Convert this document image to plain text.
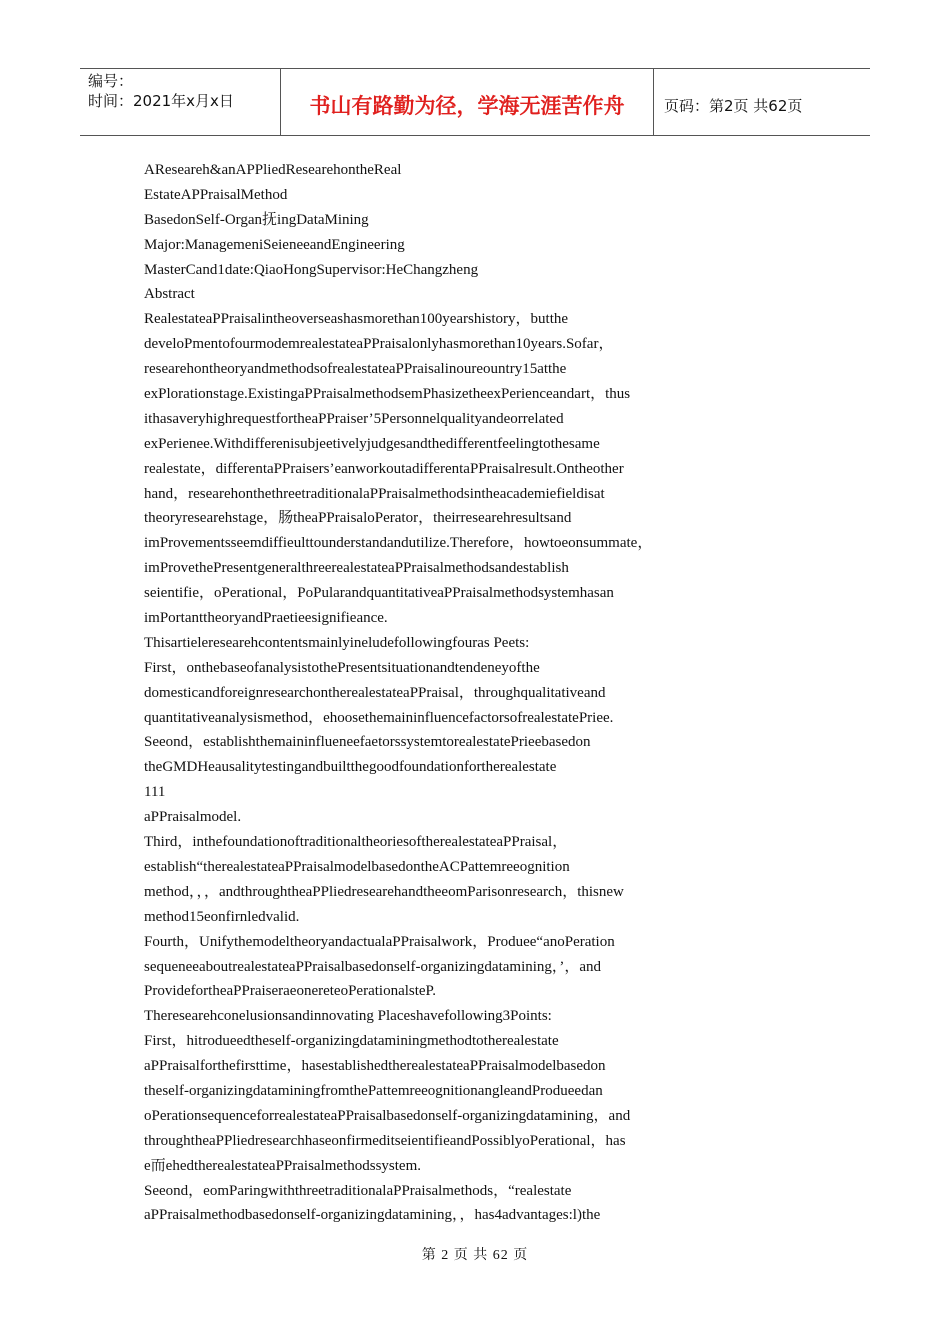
编号：
时间：2021年x月x日	书山有路勤为径，学海无涯苦作舟	页码：第2页 共62页
AReseareh&anAPPliedReseareh​ontheReal
EstateAPPraisalMethod
BasedonSelf-Organ抚ingDataMining
Major:ManagemeniSeieneeandEngineering
MasterCand1date:QiaoHongSupervisor:HeChangzheng
Abstract
RealestateaPPraisalintheoverseashasmorethan100yearshistory，butthe
develoPmentofourmodemrealestateaPPraisalonlyhasmorethan10years.Sofar，
researehontheoryandmethodsofrealestateaPPraisalinoureountry15atthe
exPlorationstage.ExistingaPPraisalmethodsemPhasizetheexPerienceandart，thus
ithasaveryhighrequestfortheaPPraiser’5Personnelqualityandeorrelated
exPerienee.Withdifferenisubjeetivelyjudgesandthedifferentfeelingtothesame
realestate，differentaPPraisers’eanworkoutadifferentaPPraisalresult.Ontheother
hand，researehonthethreetraditionalaPPraisalmethodsintheacademiefieldisat
theoryresearehstage，肠theaPPraisaloPerator，theirresearehresultsand
imProvementsseemdiffieulttounderstandandutilize.Therefore，howtoeonsummate，
imProvethePresentgeneralthreerealestateaPPraisalmethodsandestablish
seientifie，oPerational，PoPularandquantitativeaPPraisalmethodsystemhasan
imPortanttheoryandPraetieesignifieance.
Thisartieleresearehcontentsmainlyineludefollowingfouras Peets:
First，onthebaseofanalysistothePresentsituationandtendeneyofthe
domesticandforeignresearchontherealestateaPPraisal，throughqualitativeand
quantitativeanalysismethod，ehoosethemaininfluencefactorsofrealestatePriee.
Seeond，establishthemaininflueneefaetorssystemtorealestatePrieebasedon
theGMDHeausalitytestingandbuiltthegoodfoundationfortherealestate
111
aPPraisalmodel.
Third，inthefoundationoftraditionaltheoriesoftherealestateaPPraisal，
establish“therealestateaPPraisalmodelbasedontheACPattemreeognition
method，，，andthroughtheaPPliedresearehandtheeomParisonresearch，thisnew
method15eonfirnledvalid.
Fourth，UnifythemodeltheoryandactualaPPraisalwork，Produee“anoPeration
sequeneeaboutrealestateaPPraisalbasedonself-organizingdatamining，’，and
ProvidefortheaPPraiseraeoneretеoPerationalsteP.
Theresearehconelusionsandinnovating Placeshavefollowing3Points:
First，hitroduеedtheself-organizingdataminingmethodtotherealestate
aPPraisalforthefirsttime，hasestablishedtherealestateaPPraisalmodelbasedon
theself-organizingdataminingfromthePattemreeognitionangleandProdueedan
oPerationsequenceforrealestateaPPraisalbasedonself-organizingdatamining，and
throughtheaPPliedresearchhaseonfirmeditseientifieandPossiblyoPerational，has
e而ehedtherealestateaPPraisalmethodssystem.
Seeond，eomParingwiththreetraditionalaPPraisalmethods，“realestate
aPPraisalmethodbasedonself-organizingdatamining，，has4advantages:l)the
第 2 页 共 62 页
